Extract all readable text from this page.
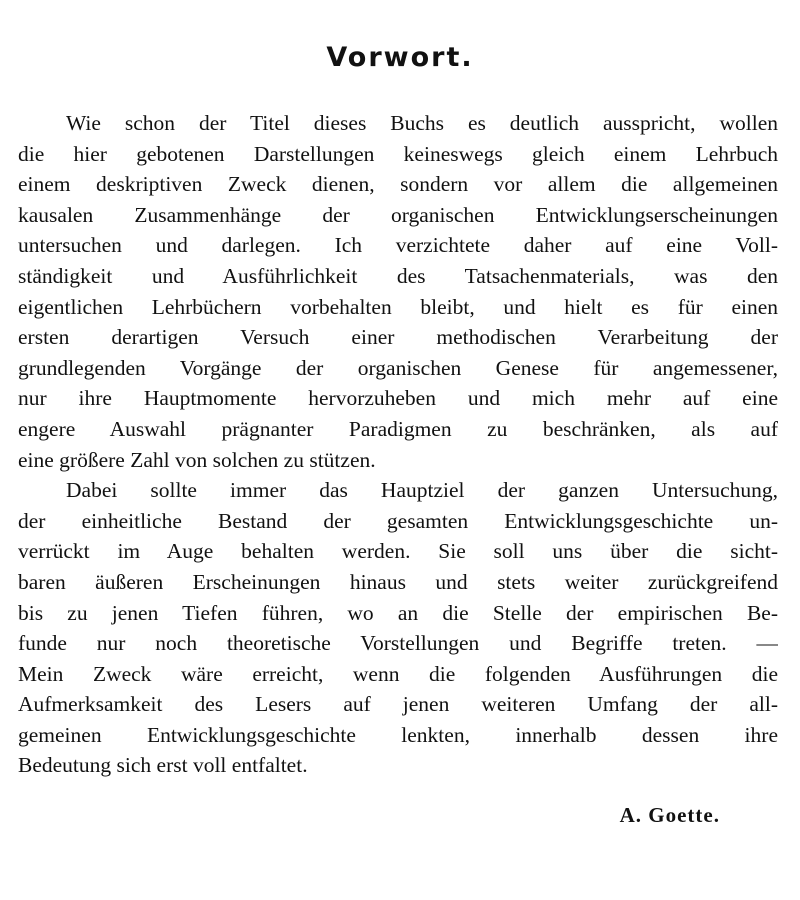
Vorwort.
Wie schon der Titel dieses Buchs es deutlich ausspricht, wollen
die hier gebotenen Darstellungen keineswegs gleich einem Lehrbuch
einem deskriptiven Zweck dienen, sondern vor allem die allgemeinen
kausalen Zusammenhänge der organischen Entwicklungserscheinungen
untersuchen und darlegen. Ich verzichtete daher auf eine Voll-
ständigkeit und Ausführlichkeit des Tatsachenmaterials, was den
eigentlichen Lehrbüchern vorbehalten bleibt, und hielt es für einen
ersten derartigen Versuch einer methodischen Verarbeitung der
grundlegenden Vorgänge der organischen Genese für angemessener,
nur ihre Hauptmomente hervorzuheben und mich mehr auf eine
engere Auswahl prägnanter Paradigmen zu beschränken, als auf
eine größere Zahl von solchen zu stützen.
Dabei sollte immer das Hauptziel der ganzen Untersuchung,
der einheitliche Bestand der gesamten Entwicklungsgeschichte un-
verrückt im Auge behalten werden. Sie soll uns über die sicht-
baren äußeren Erscheinungen hinaus und stets weiter zurückgreifend
bis zu jenen Tiefen führen, wo an die Stelle der empirischen Be-
funde nur noch theoretische Vorstellungen und Begriffe treten. —
Mein Zweck wäre erreicht, wenn die folgenden Ausführungen die
Aufmerksamkeit des Lesers auf jenen weiteren Umfang der all-
gemeinen Entwicklungsgeschichte lenkten, innerhalb dessen ihre
Bedeutung sich erst voll entfaltet.
A. Goette.
